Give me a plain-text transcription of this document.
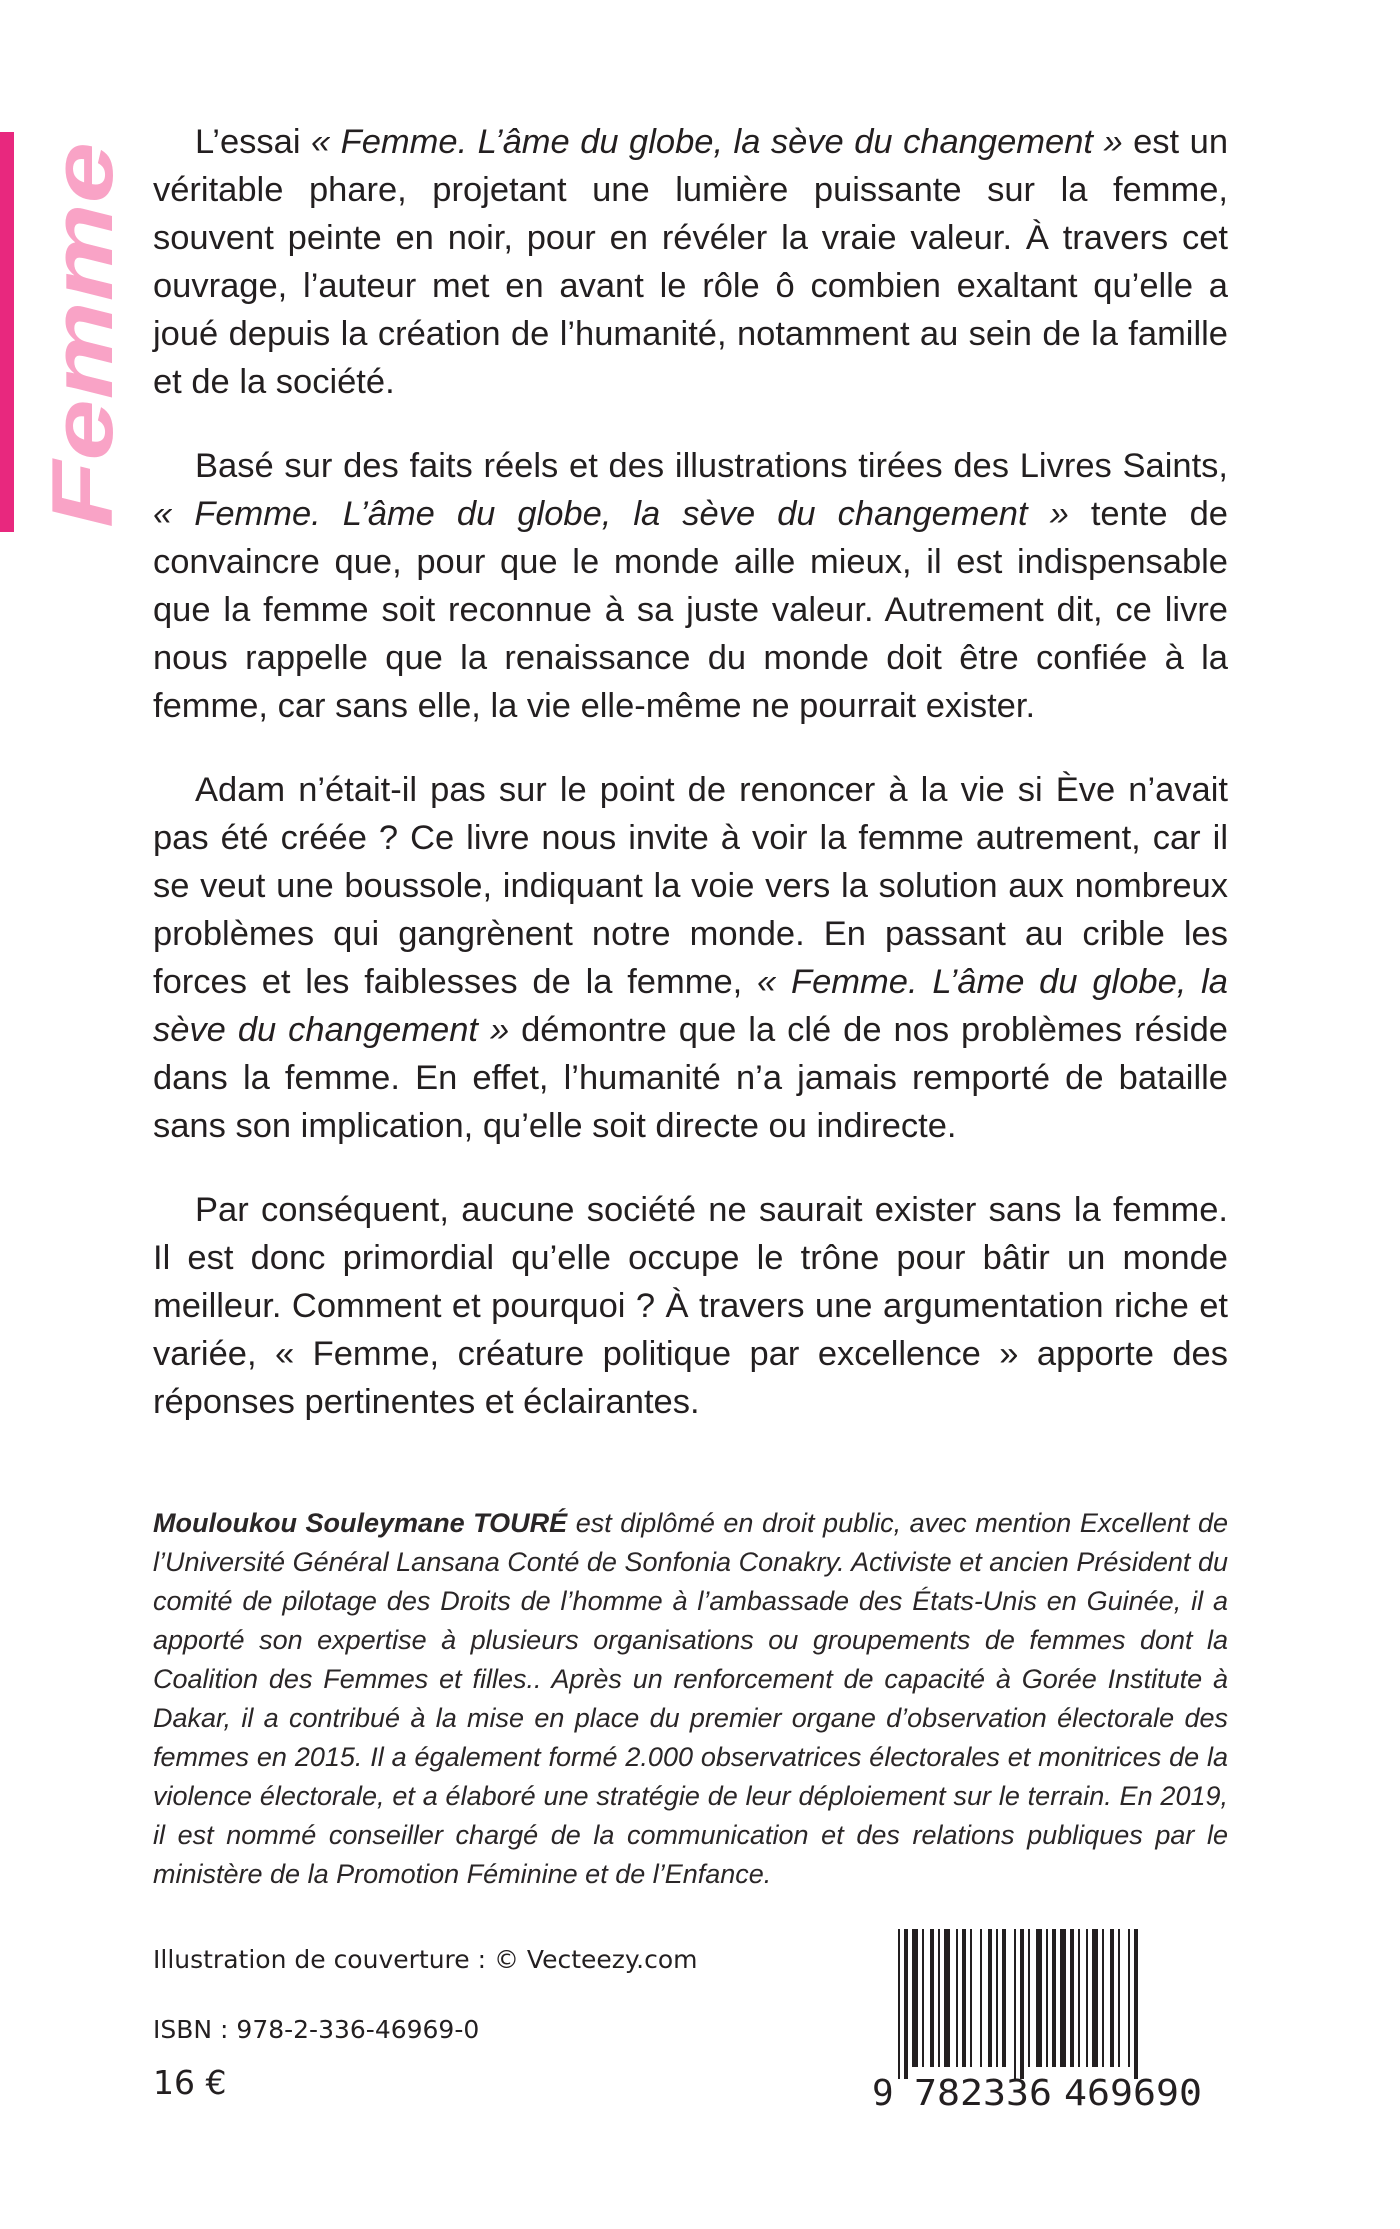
Femme

L’essai « Femme. L’âme du globe, la sève du changement » est un véritable phare, projetant une lumière puissante sur la femme, souvent peinte en noir, pour en révéler la vraie valeur. À travers cet ouvrage, l’auteur met en avant le rôle ô combien exaltant qu’elle a joué depuis la création de l’humanité, notamment au sein de la famille et de la société.

Basé sur des faits réels et des illustrations tirées des Livres Saints, « Femme. L’âme du globe, la sève du changement » tente de convaincre que, pour que le monde aille mieux, il est indispensable que la femme soit reconnue à sa juste valeur. Autrement dit, ce livre nous rappelle que la renaissance du monde doit être confiée à la femme, car sans elle, la vie elle-même ne pourrait exister.

Adam n’était-il pas sur le point de renoncer à la vie si Ève n’avait pas été créée ? Ce livre nous invite à voir la femme autrement, car il se veut une boussole, indiquant la voie vers la solution aux nombreux problèmes qui gangrènent notre monde. En passant au crible les forces et les faiblesses de la femme, « Femme. L’âme du globe, la sève du changement » démontre que la clé de nos problèmes réside dans la femme. En effet, l’humanité n’a jamais remporté de bataille sans son implication, qu’elle soit directe ou indirecte.

Par conséquent, aucune société ne saurait exister sans la femme. Il est donc primordial qu’elle occupe le trône pour bâtir un monde meilleur. Comment et pourquoi ? À travers une argumentation riche et variée, « Femme, créature politique par excellence » apporte des réponses pertinentes et éclairantes.

Mouloukou Souleymane TOURÉ est diplômé en droit public, avec mention Excellent de l’Université Général Lansana Conté de Sonfonia Conakry. Activiste et ancien Président du comité de pilotage des Droits de l’homme à l’ambassade des États-Unis en Guinée, il a apporté son expertise à plusieurs organisations ou groupements de femmes dont la Coalition des Femmes et filles.. Après un renforcement de capacité à Gorée Institute à Dakar, il a contribué à la mise en place du premier organe d’observation électorale des femmes en 2015. Il a également formé 2.000 observatrices électorales et monitrices de la violence électorale, et a élaboré une stratégie de leur déploiement sur le terrain. En 2019, il est nommé conseiller chargé de la communication et des relations publiques par le ministère de la Promotion Féminine et de l’Enfance.
Illustration de couverture : © Vecteezy.com
ISBN : 978-2-336-46969-0
16 €	9 782336 469690
